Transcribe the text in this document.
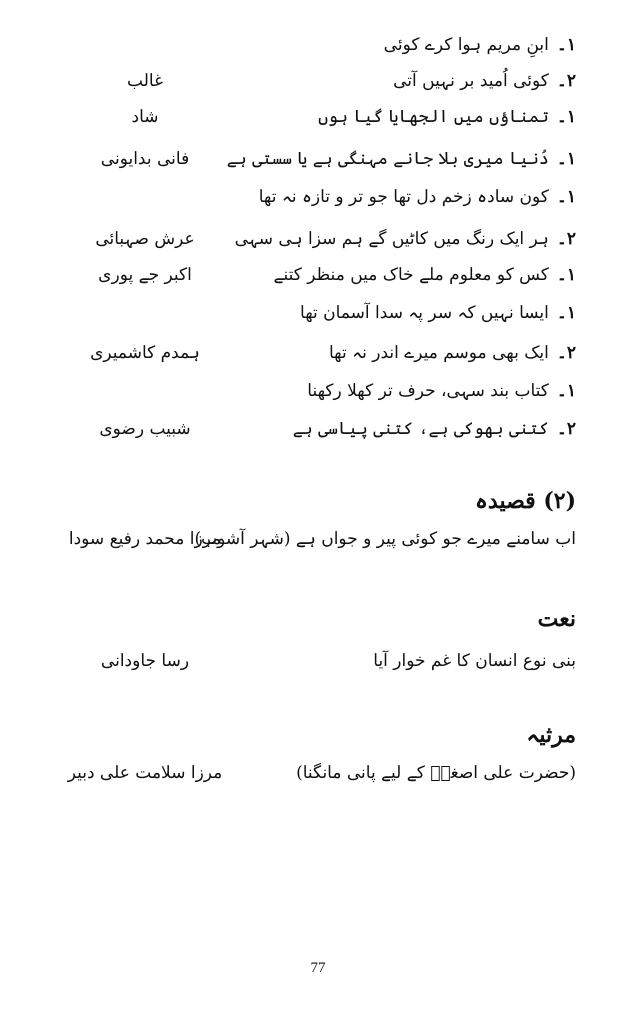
۱۔ابنِ مریم ہوا کرے کوئی
۲۔کوئی اُمید بر نہیں آتی
غالب
۱۔تمناؤں میں الجھایا گیا ہوں
شاد
۱۔دُنیا میری بلا جانے مہنگی ہے یا سستی ہے
فانی بدایونی
۱۔کون سادہ زخم دل تھا جو تر و تازہ نہ تھا
۲۔ہر ایک رنگ میں کاٹیں گے ہم سزا ہی سہی
عرش صہبائی
۱۔کس کو معلوم ملے خاک میں منظر کتنے
اکبر جے پوری
۱۔ایسا نہیں کہ سر پہ سدا آسمان تھا
۲۔ایک بھی موسم میرے اندر نہ تھا
ہمدم کاشمیری
۱۔کتاب بند سہی، حرف تر کھلا رکھنا
۲۔کتنی بھوکی ہے، کتنی پیاسی ہے
شبیب رضوی
(۲) قصیدہ
اب سامنے میرے جو کوئی پیر و جواں ہے (شہر آشوب)
مرزا محمد رفیع سودا
نعت
بنی نوع انسان کا غم خوار آیا
رسا جاودانی
مرثیہ
(حضرت علی اصغرؑ کے لیے پانی مانگنا)
مرزا سلامت علی دبیر
77
